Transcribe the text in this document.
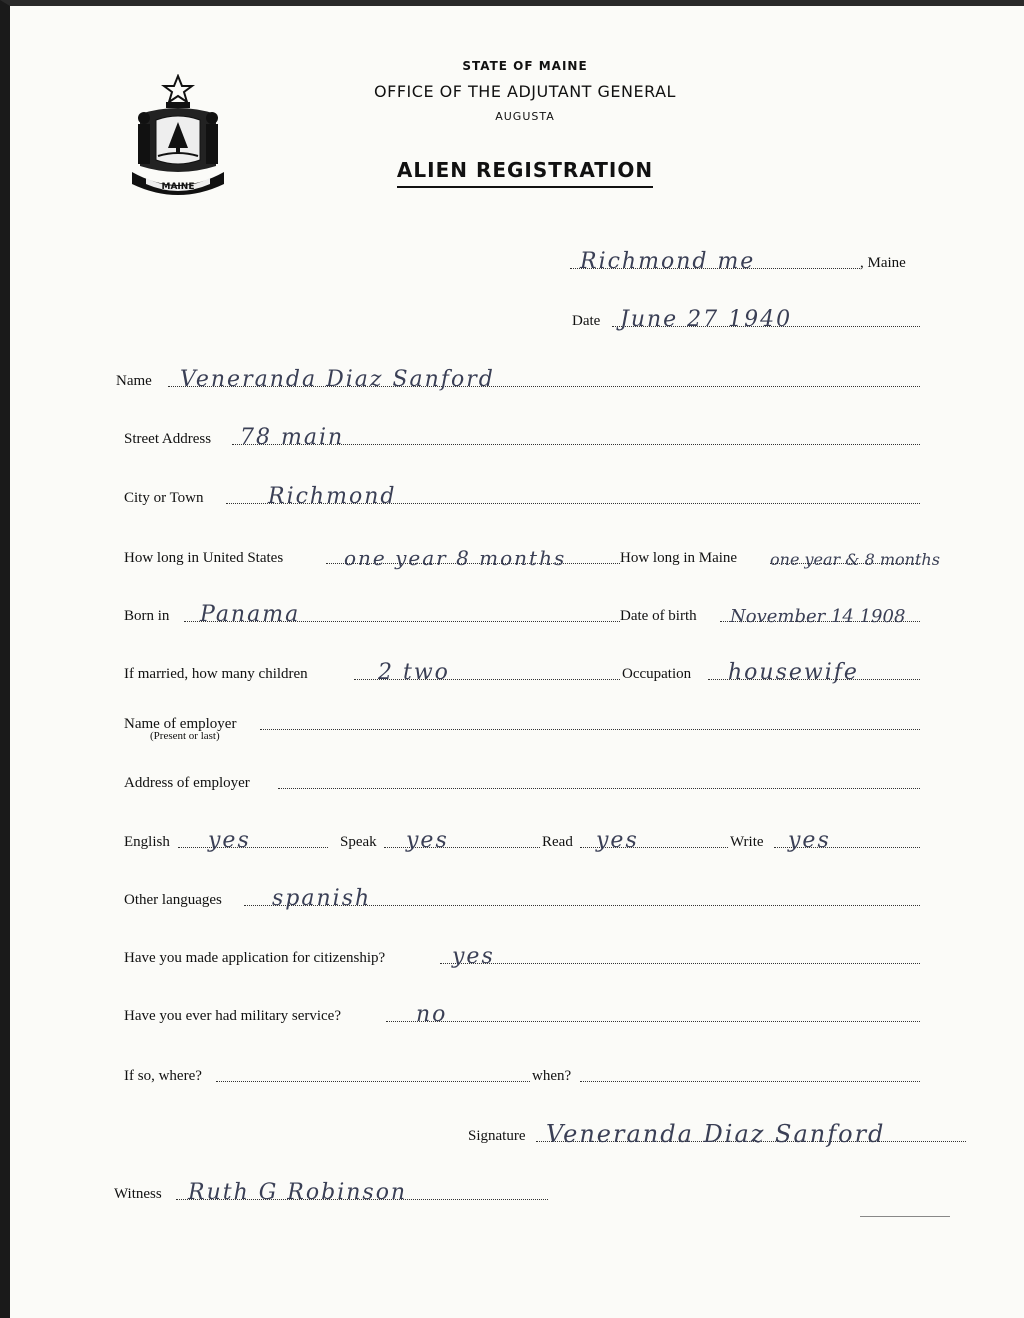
MAINE
STATE OF MAINE
OFFICE OF THE ADJUTANT GENERAL
AUGUSTA
ALIEN REGISTRATION
Richmond me	, Maine
Date June 27 1940
Name Veneranda Diaz Sanford
Street Address 78 main
City or Town	Richmond
How long in United States	one year 8 months	How long in Maine one year & 8 months
Born in Panama	Date of birth November 14 1908
If married, how many children	2 two	Occupation housewife
Name of employer
(Present or last)
Address of employer
English yes	Speak yes	Read yes	Write yes
Other languages spanish
Have you made application for citizenship?	yes
Have you ever had military service?	no
If so, where?	when?
Signature Veneranda Diaz Sanford
Witness Ruth G Robinson
